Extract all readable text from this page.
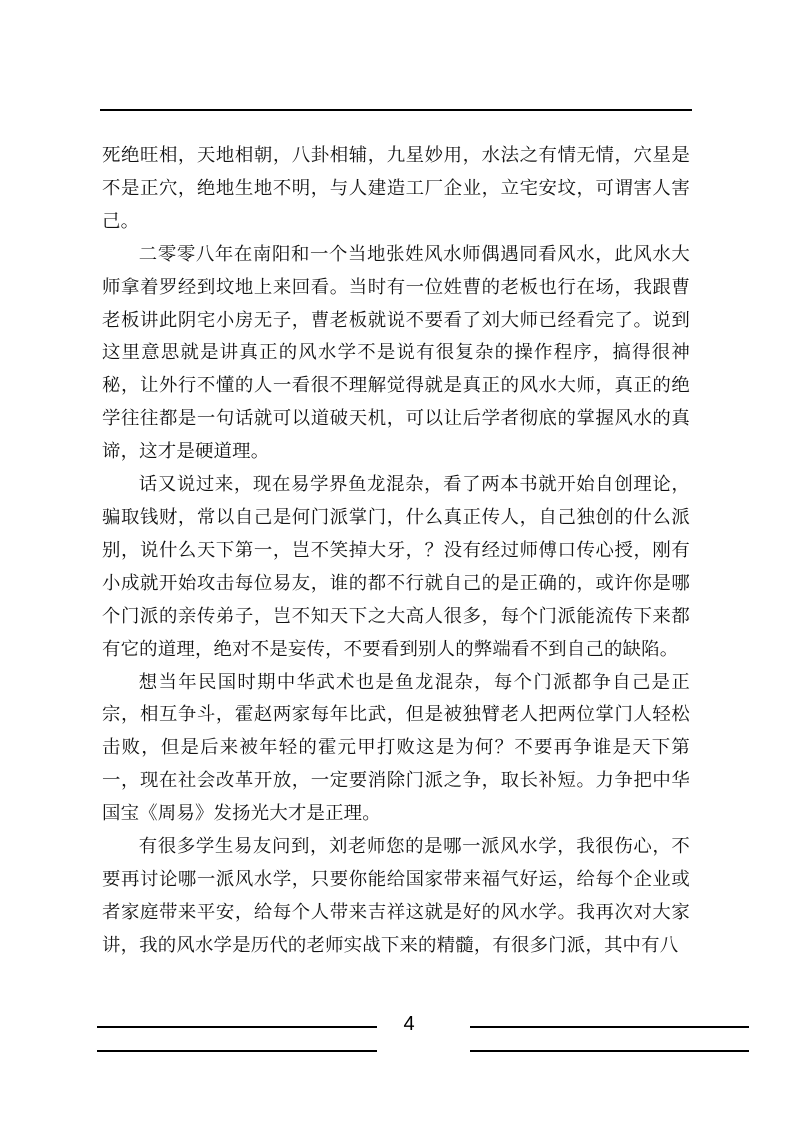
死绝旺相，天地相朝，八卦相辅，九星妙用，水法之有情无情，穴星是不是正穴，绝地生地不明，与人建造工厂企业，立宅安坟，可谓害人害己。

二零零八年在南阳和一个当地张姓风水师偶遇同看风水，此风水大师拿着罗经到坟地上来回看。当时有一位姓曹的老板也行在场，我跟曹老板讲此阴宅小房无子，曹老板就说不要看了刘大师已经看完了。说到这里意思就是讲真正的风水学不是说有很复杂的操作程序，搞得很神秘，让外行不懂的人一看很不理解觉得就是真正的风水大师，真正的绝学往往都是一句话就可以道破天机，可以让后学者彻底的掌握风水的真谛，这才是硬道理。

话又说过来，现在易学界鱼龙混杂，看了两本书就开始自创理论，骗取钱财，常以自己是何门派掌门，什么真正传人，自己独创的什么派别，说什么天下第一，岂不笑掉大牙，？没有经过师傅口传心授，刚有小成就开始攻击每位易友，谁的都不行就自己的是正确的，或许你是哪个门派的亲传弟子，岂不知天下之大高人很多，每个门派能流传下来都有它的道理，绝对不是妄传，不要看到别人的弊端看不到自己的缺陷。

想当年民国时期中华武术也是鱼龙混杂，每个门派都争自己是正宗，相互争斗，霍赵两家每年比武，但是被独臂老人把两位掌门人轻松击败，但是后来被年轻的霍元甲打败这是为何？不要再争谁是天下第一，现在社会改革开放，一定要消除门派之争，取长补短。力争把中华国宝《周易》发扬光大才是正理。

有很多学生易友问到，刘老师您的是哪一派风水学，我很伤心，不要再讨论哪一派风水学，只要你能给国家带来福气好运，给每个企业或者家庭带来平安，给每个人带来吉祥这就是好的风水学。我再次对大家讲，我的风水学是历代的老师实战下来的精髓，有很多门派，其中有八

4
